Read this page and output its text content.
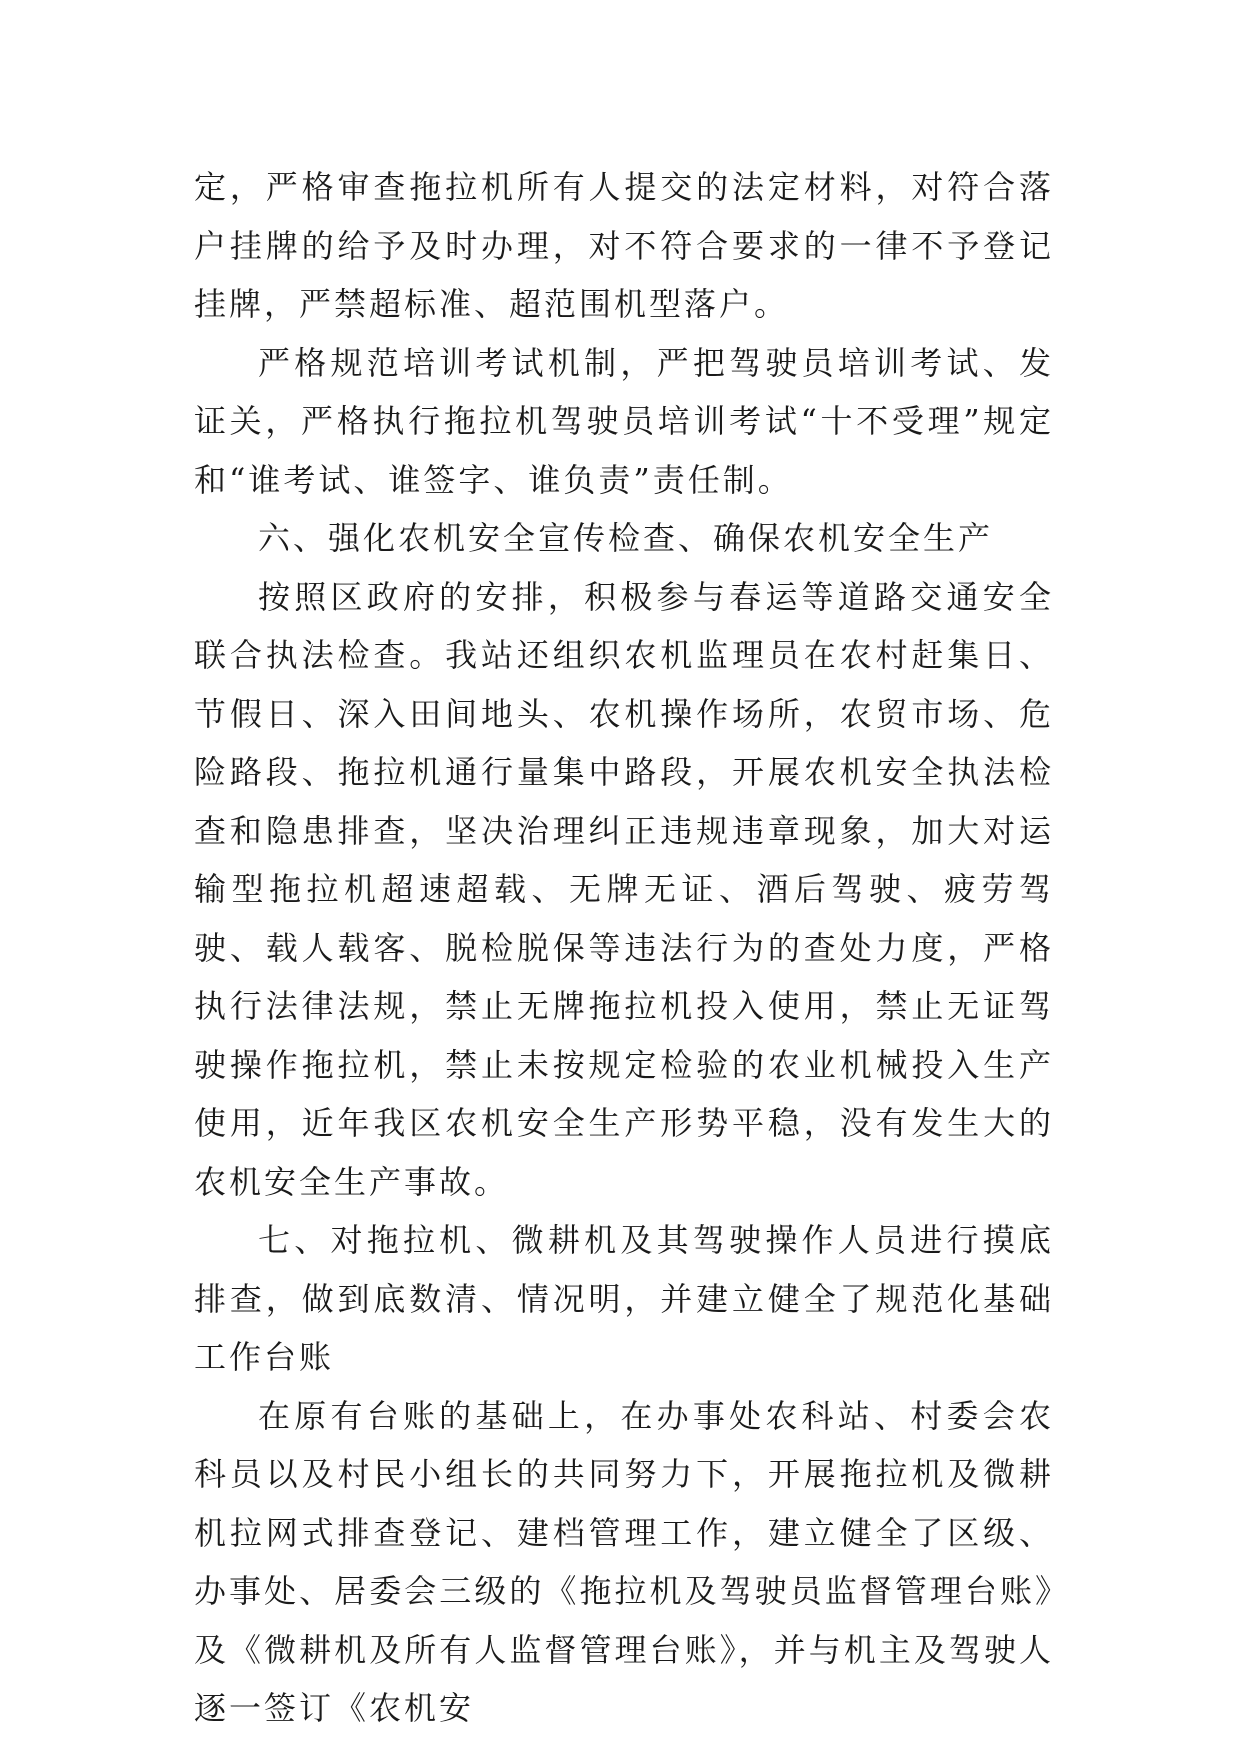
定，严格审查拖拉机所有人提交的法定材料，对符合落户挂牌的给予及时办理，对不符合要求的一律不予登记挂牌，严禁超标准、超范围机型落户。

严格规范培训考试机制，严把驾驶员培训考试、发证关，严格执行拖拉机驾驶员培训考试“十不受理”规定和“谁考试、谁签字、谁负责”责任制。

六、强化农机安全宣传检查、确保农机安全生产

按照区政府的安排，积极参与春运等道路交通安全联合执法检查。我站还组织农机监理员在农村赶集日、节假日、深入田间地头、农机操作场所，农贸市场、危险路段、拖拉机通行量集中路段，开展农机安全执法检查和隐患排查，坚决治理纠正违规违章现象，加大对运输型拖拉机超速超载、无牌无证、酒后驾驶、疲劳驾驶、载人载客、脱检脱保等违法行为的查处力度，严格执行法律法规，禁止无牌拖拉机投入使用，禁止无证驾驶操作拖拉机，禁止未按规定检验的农业机械投入生产使用，近年我区农机安全生产形势平稳，没有发生大的农机安全生产事故。

七、对拖拉机、微耕机及其驾驶操作人员进行摸底排查，做到底数清、情况明，并建立健全了规范化基础工作台账

在原有台账的基础上，在办事处农科站、村委会农科员以及村民小组长的共同努力下，开展拖拉机及微耕机拉网式排查登记、建档管理工作，建立健全了区级、办事处、居委会三级的《拖拉机及驾驶员监督管理台账》及《微耕机及所有人监督管理台账》，并与机主及驾驶人逐一签订《农机安
